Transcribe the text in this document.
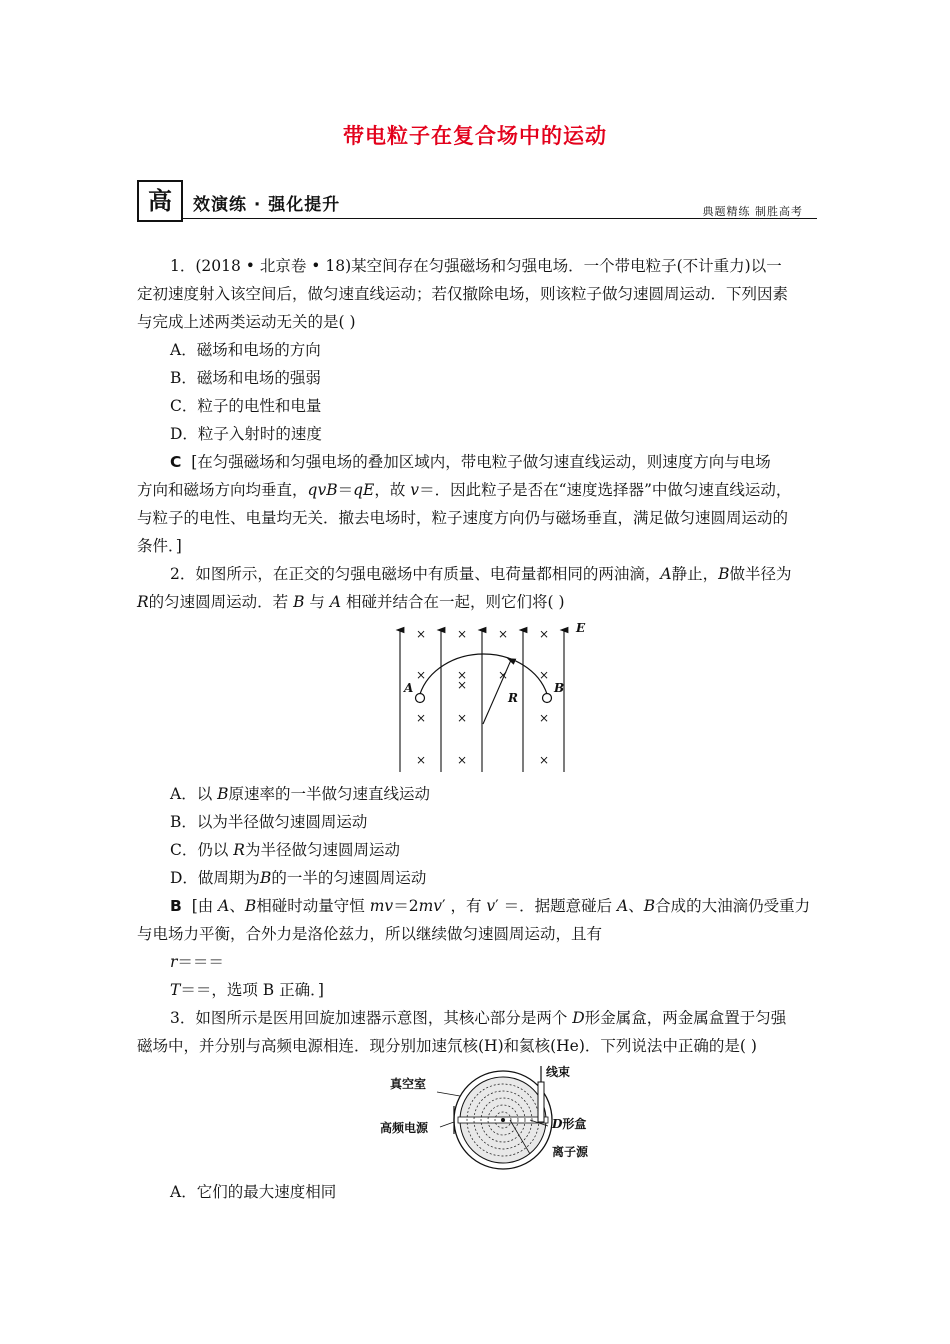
带电粒子在复合场中的运动
高	效演练 · 强化提升	典题精练 制胜高考
1．(2018 • 北京卷 • 18)某空间存在匀强磁场和匀强电场．一个带电粒子(不计重力)以一
定初速度射入该空间后，做匀速直线运动；若仅撤除电场，则该粒子做匀速圆周运动．下列因素
与完成上述两类运动无关的是( )
A．磁场和电场的方向
B．磁场和电场的强弱
C．粒子的电性和电量
D．粒子入射时的速度
C [在匀强磁场和匀强电场的叠加区域内，带电粒子做匀速直线运动，则速度方向与电场
方向和磁场方向均垂直，qvB＝qE，故 v＝．因此粒子是否在“速度选择器”中做匀速直线运动，
与粒子的电性、电量均无关．撤去电场时，粒子速度方向仍与磁场垂直，满足做匀速圆周运动的
条件．]
2．如图所示，在正交的匀强电磁场中有质量、电荷量都相同的两油滴，A静止，B做半径为
R的匀速圆周运动．若 B 与 A 相碰并结合在一起，则它们将( )
×	×	×	×
×	×	×	×
×
×	×	×
×	×	×
E
A	B
R
A．以 B原速率的一半做匀速直线运动
B．以为半径做匀速圆周运动
C．仍以 R为半径做匀速圆周运动
D．做周期为B的一半的匀速圆周运动
B [由 A、B相碰时动量守恒 mv＝2mv′ ，有 v′ ＝．据题意碰后 A、B合成的大油滴仍受重力
与电场力平衡，合外力是洛伦兹力，所以继续做匀速圆周运动，且有
r＝＝＝
T＝＝，选项 B 正确．]
3．如图所示是医用回旋加速器示意图，其核心部分是两个 D形金属盒，两金属盒置于匀强
磁场中，并分别与高频电源相连．现分别加速氘核(H)和氦核(He)．下列说法中正确的是( )
真空室
高频电源
线束
D形盒
离子源
A．它们的最大速度相同
